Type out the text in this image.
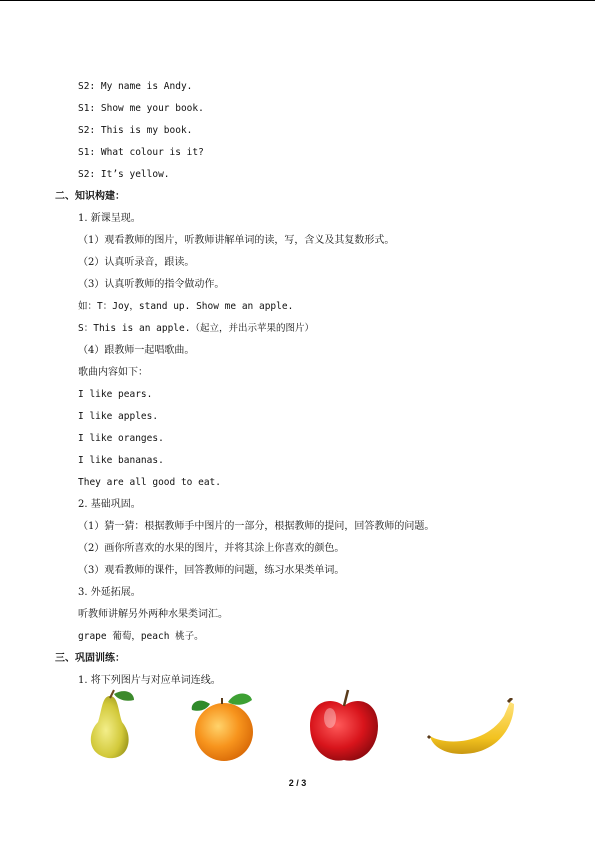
S2: My name is Andy.
S1: Show me your book.
S2: This is my book.
S1: What colour is it?
S2: It’s yellow.
二、知识构建：
1. 新课呈现。
（1）观看教师的图片，听教师讲解单词的读，写，含义及其复数形式。
（2）认真听录音，跟读。
（3）认真听教师的指令做动作。
如：T：Joy，stand up. Show me an apple.
S：This is an apple.（起立，并出示苹果的图片）
（4）跟教师一起唱歌曲。
歌曲内容如下：
I like pears.
I like apples.
I like oranges.
I like bananas.
They are all good to eat.
2. 基础巩固。
（1）猜一猜：根据教师手中图片的一部分，根据教师的提问，回答教师的问题。
（2）画你所喜欢的水果的图片，并将其涂上你喜欢的颜色。
（3）观看教师的课件，回答教师的问题，练习水果类单词。
3. 外延拓展。
听教师讲解另外两种水果类词汇。
grape 葡萄，peach 桃子。
三、巩固训练：
1. 将下列图片与对应单词连线。
2 / 3
